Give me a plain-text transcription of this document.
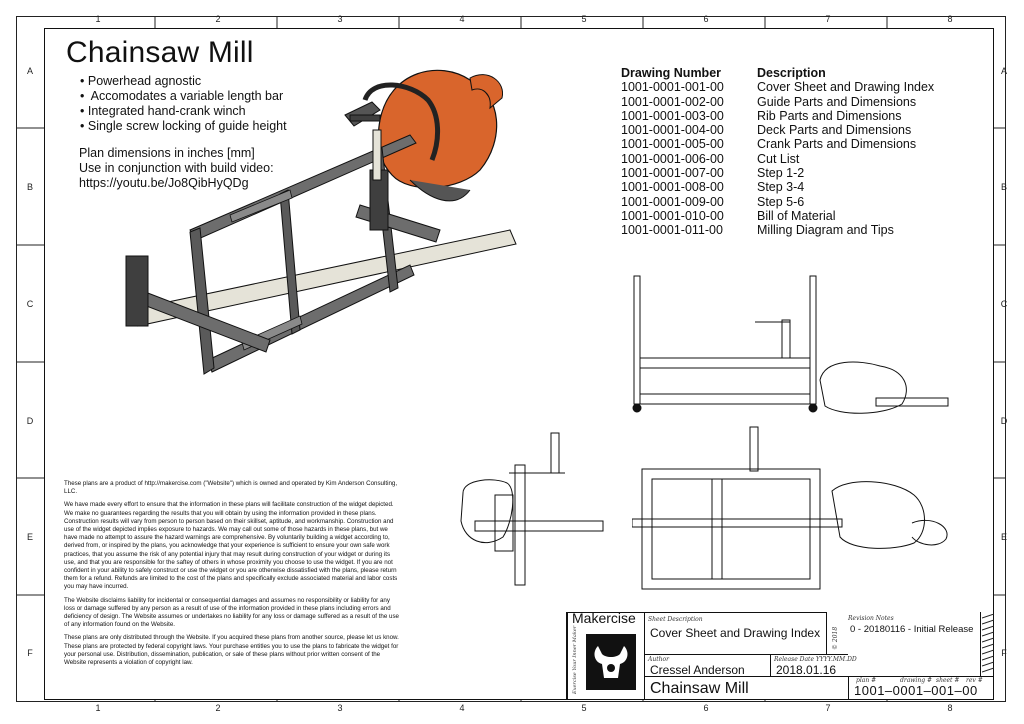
1	2	3	4	5	6	7	8
1	2	3	4	5	6	7	8
A
B
C
D
E
F
A
B
C
D
E
F
Chainsaw Mill
• Powerhead agnostic
•  Accomodates a variable length bar
• Integrated hand-crank winch
• Single screw locking of guide height
Plan dimensions in inches [mm]
Use in conjunction with build video:
https://youtu.be/Jo8QibHyQDg
Drawing Number	Description
1001-0001-001-00	Cover Sheet and Drawing Index
1001-0001-002-00	Guide Parts and Dimensions
1001-0001-003-00	Rib Parts and Dimensions
1001-0001-004-00	Deck Parts and Dimensions
1001-0001-005-00	Crank Parts and Dimensions
1001-0001-006-00	Cut List
1001-0001-007-00	Step 1-2
1001-0001-008-00	Step 3-4
1001-0001-009-00	Step 5-6
1001-0001-010-00	Bill of Material
1001-0001-011-00	Milling Diagram and Tips

These plans are a product of http://makercise.com ("Website") which is owned and operated by Kim Anderson Consulting, LLC.

We have made every effort to ensure that the information in these plans will facilitate construction of the widget depicted. We make no guarantees regarding the results that you will obtain by using the information provided in these plans. Construction results will vary from person to person based on their skillset, aptitude, and workmanship. Construction and use of the widget depicted implies exposure to hazards. We may call out some of those hazards in these plans, but we have made no attempt to assure the hazard warnings are comprehensive. By voluntarily building a widget according to, derived from, or inspired by the plans, you acknowledge that your experience is sufficient to ensure your own safe work practices, that you assume the risk of any potential injury that may result during construction of your widget or during its use, and that you are responsible for the saftey of others in whose proximity you choose to use the widget. If you are not confident in your ability to safely construct or use the widget or you are otherwise dissatisfied with the plans, please return them for a refund. Refunds are limited to the cost of the plans and specifically exclude associated material and labor costs you may have incurred.

The Website disclaims liability for incidental or consequential damages and assumes no responsibility or liability for any loss or damage suffered by any person as a result of use of the information provided in these plans including errors and deficiency of design. The Website assumes or undertakes no liability for any loss or damage suffered as a result of the use of any information found on the Website.

These plans are only distributed through the Website. If you acquired these plans from another source, please let us know. These plans are protected by federal copyright laws. Your purchase entitles you to use the plans to fabricate the widget for your personal use. Distribution, dissemination, publication, or sale of these plans without prior written consent of the Website represents a violation of copyright law.

Makercise
Exercise Your Inner Maker
Sheet Description
Cover Sheet and Drawing Index
Author
Cressel Anderson
Release Date YYYY.MM.DD
2018.01.16
Chainsaw Mill
© 2018
Revision Notes
0 - 20180116 - Initial Release
plan #	drawing # sheet # rev #
1001–0001–001–00
